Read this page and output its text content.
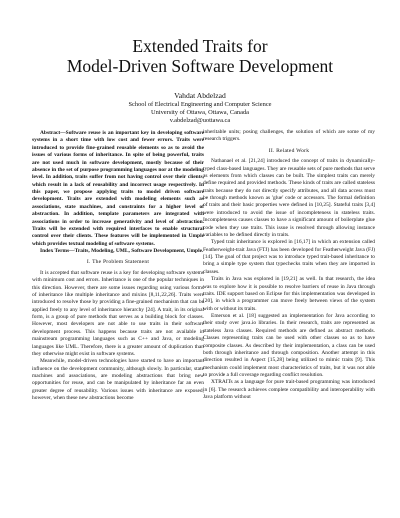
Extended Traits for
Model-Driven Software Development
Vahdat Abdelzad
School of Electrical Engineering and Computer Science
University of Ottawa, Ottawa, Canada
v.abdelzad@uottawa.ca

Abstract—Software reuse is an important key in developing software systems in a short time with low cost and fewer errors. Traits were introduced to provide fine-grained reusable elements so as to avoid the issues of various forms of inheritance. In spite of being powerful, traits are not used much in software development, mostly because of their absence in the set of purpose programming languages nor at the modeling level. In addition, traits suffer from not having control over their clients, which result in a lack of reusability and incorrect usage respectively. In this paper, we propose applying traits to model driven software development. Traits are extended with modeling elements such as associations, state machines, and constraints for a higher level of abstraction. In addition, template parameters are integrated with associations in order to increase generativity and level of abstraction. Traits will be extended with required interfaces to enable structural control over their clients. These features will be implemented in Umple which provides textual modeling of software systems.

Index Terms—Traits, Modeling, UML, Software Development, Umple.

I. The Problem Statement

It is accepted that software reuse is a key for developing software systems with minimum cost and errors. Inheritance is one of the popular techniques in this direction. However, there are some issues regarding using various forms of inheritance like multiple inheritance and mixins [8,11,22,26]. Traits were introduced to resolve those by providing a fine-grained mechanism that can be applied freely to any level of inheritance hierarchy [24]. A trait, in its original form, is a group of pure methods that serves as a building block for classes. However, most developers are not able to use traits in their software development process. This happens because traits are not available in mainstream programming languages such as C++ and Java, or modeling languages like UML. Therefore, there is a greater amount of duplication than they otherwise might exist in software systems.

Meanwhile, model-driven technologies have started to have an important influence on the development community, although slowly. In particular, state machines and associations, are modeling abstractions that bring new opportunities for reuse, and can be manipulated by inheritance far an even greater degree of reusability. Various issues with inheritance are exposed, however, when these new abstractions become

inheritable units; posing challenges, the solution of which are some of my research triggers.

II. Related Work

Nathanael et al. [21,24] introduced the concept of traits in dynamically-typed class-based languages. They are reusable sets of pure methods that serve as elements from which classes can be built. The simplest traits can merely define required and provided methods. These kinds of traits are called stateless traits because they do not directly specify attributes, and all data access must be through methods known as 'glue' code or accessors. The formal definition of traits and their basic properties were defined in [10,25]. Stateful traits [3,4] were introduced to avoid the issue of incompleteness in stateless traits. Incompleteness causes classes to have a significant amount of boilerplate glue code when they use traits. This issue is resolved through allowing instance variables to be defined directly in traits.

Typed trait inheritance is explored in [16,17] in which an extension called Featherweight-trait Java (FTJ) has been developed for Featherweight Java (FJ) [14]. The goal of that project was to introduce typed trait-based inheritance to bring a simple type system that typechecks traits when they are imported in classes.

Traits in Java was explored in [19,21] as well. In that research, the idea was to explore how it is possible to resolve barriers of reuse in Java through traits. IDE support based on Eclipse for this implementation was developed in [20], in which a programmer can move freely between views of the system with or without its traits.

Emerson et al. [18] suggested an implementation for Java according to their study over java.io libraries. In their research, traits are represented as stateless Java classes. Required methods are defined as abstract methods. Classes representing traits can be used with other classes so as to have composite classes. As described by their implementation, a class can be used both through inheritance and through composition. Another attempt in this direction resulted in Aspect [15,28] being utilized to mimic traits [9]. This mechanism could implement most characteristics of traits, but it was not able to provide a full coverage regarding conflict resolution.

XTRAITs as a language for pure trait-based programming was introduced in [6]. The research achieves complete compatibility and interoperability with Java platform without
